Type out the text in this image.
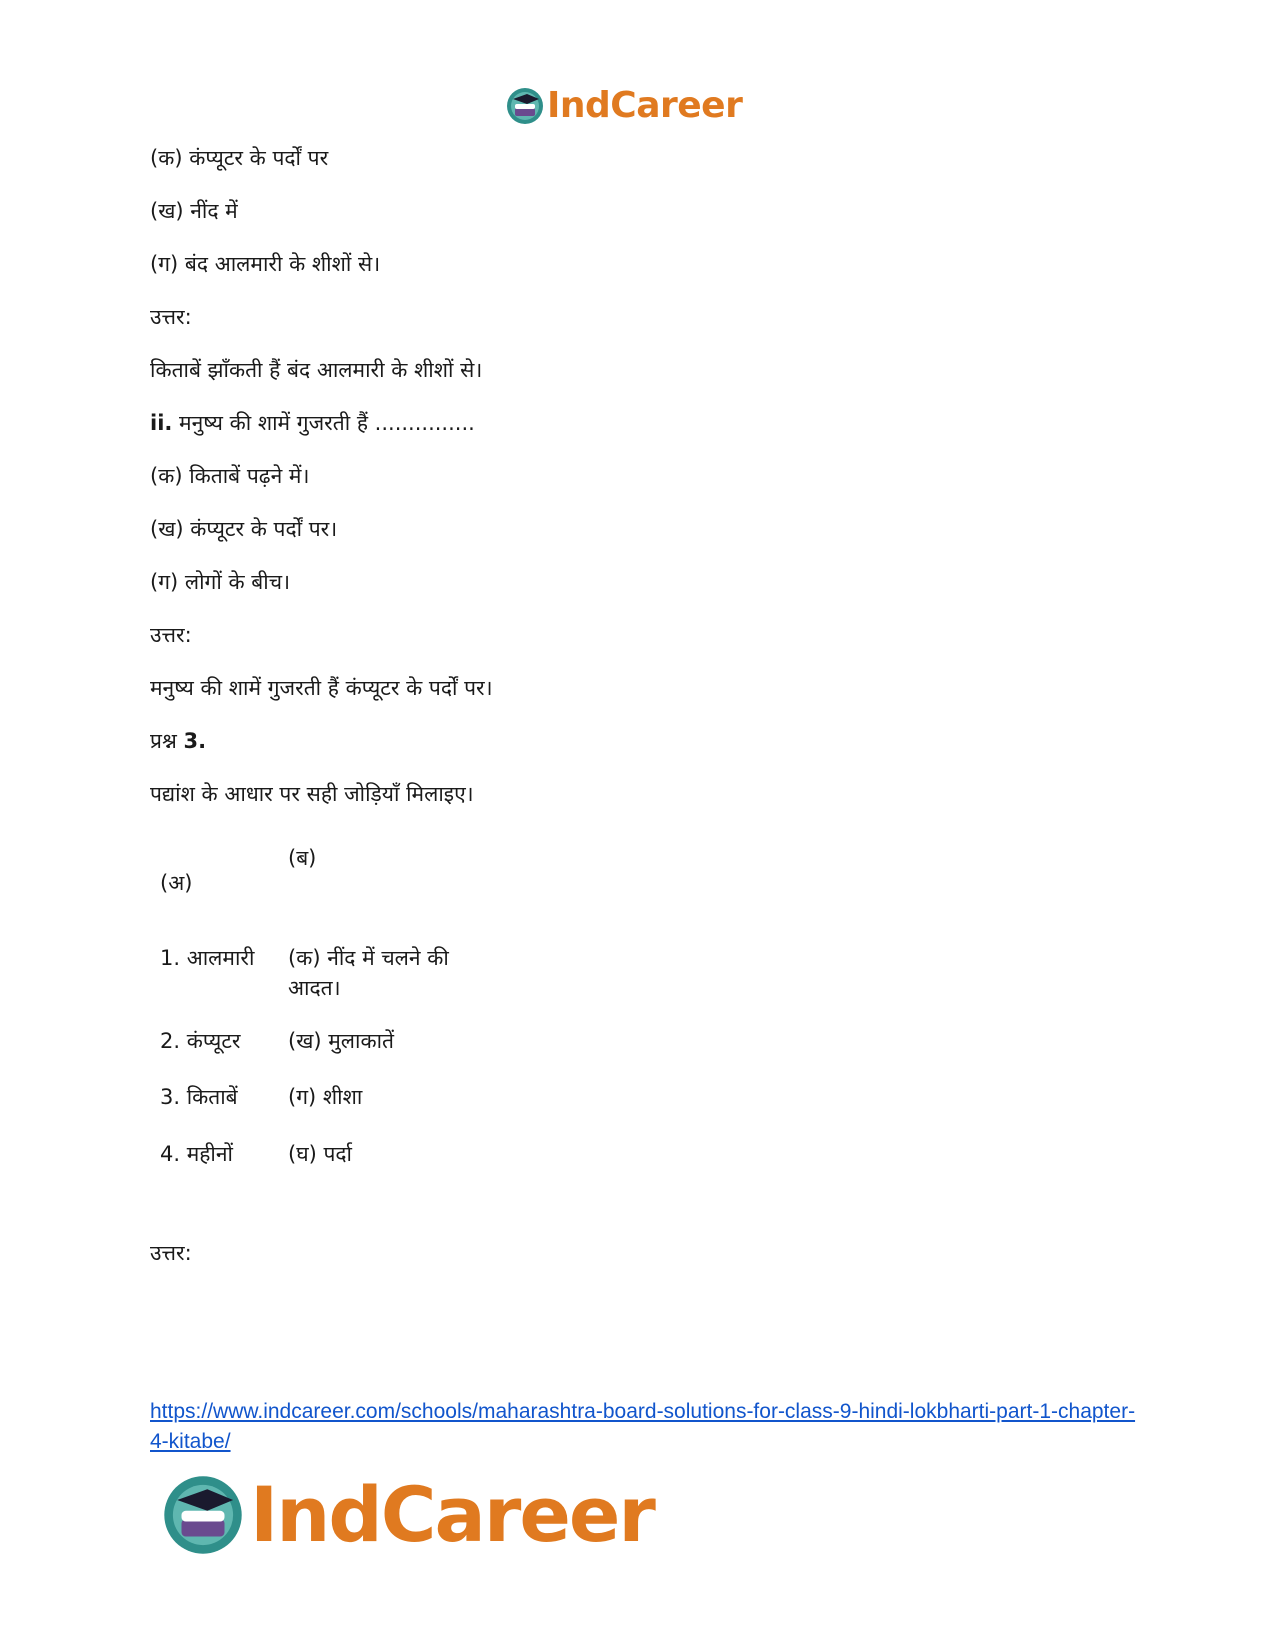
IndCareer
(क) कंप्यूटर के पर्दों पर
(ख) नींद में
(ग) बंद आलमारी के शीशों से।
उत्तर:
किताबें झाँकती हैं बंद आलमारी के शीशों से।
ii. मनुष्य की शामें गुजरती हैं ...............
(क) किताबें पढ़ने में।
(ख) कंप्यूटर के पर्दों पर।
(ग) लोगों के बीच।
उत्तर:
मनुष्य की शामें गुजरती हैं कंप्यूटर के पर्दों पर।
प्रश्न 3.
पद्यांश के आधार पर सही जोड़ियाँ मिलाइए।
(अ)
(ब)
1. आलमारी (क) नींद में चलने की आदत।
2. कंप्यूटर (ख) मुलाकातें
3. किताबें (ग) शीशा
4. महीनों	(घ) पर्दा
उत्तर:
https://www.indcareer.com/schools/maharashtra-board-solutions-for-class-9-hindi-lokbharti-part-1-chapter-4-kitabe/
IndCareer
